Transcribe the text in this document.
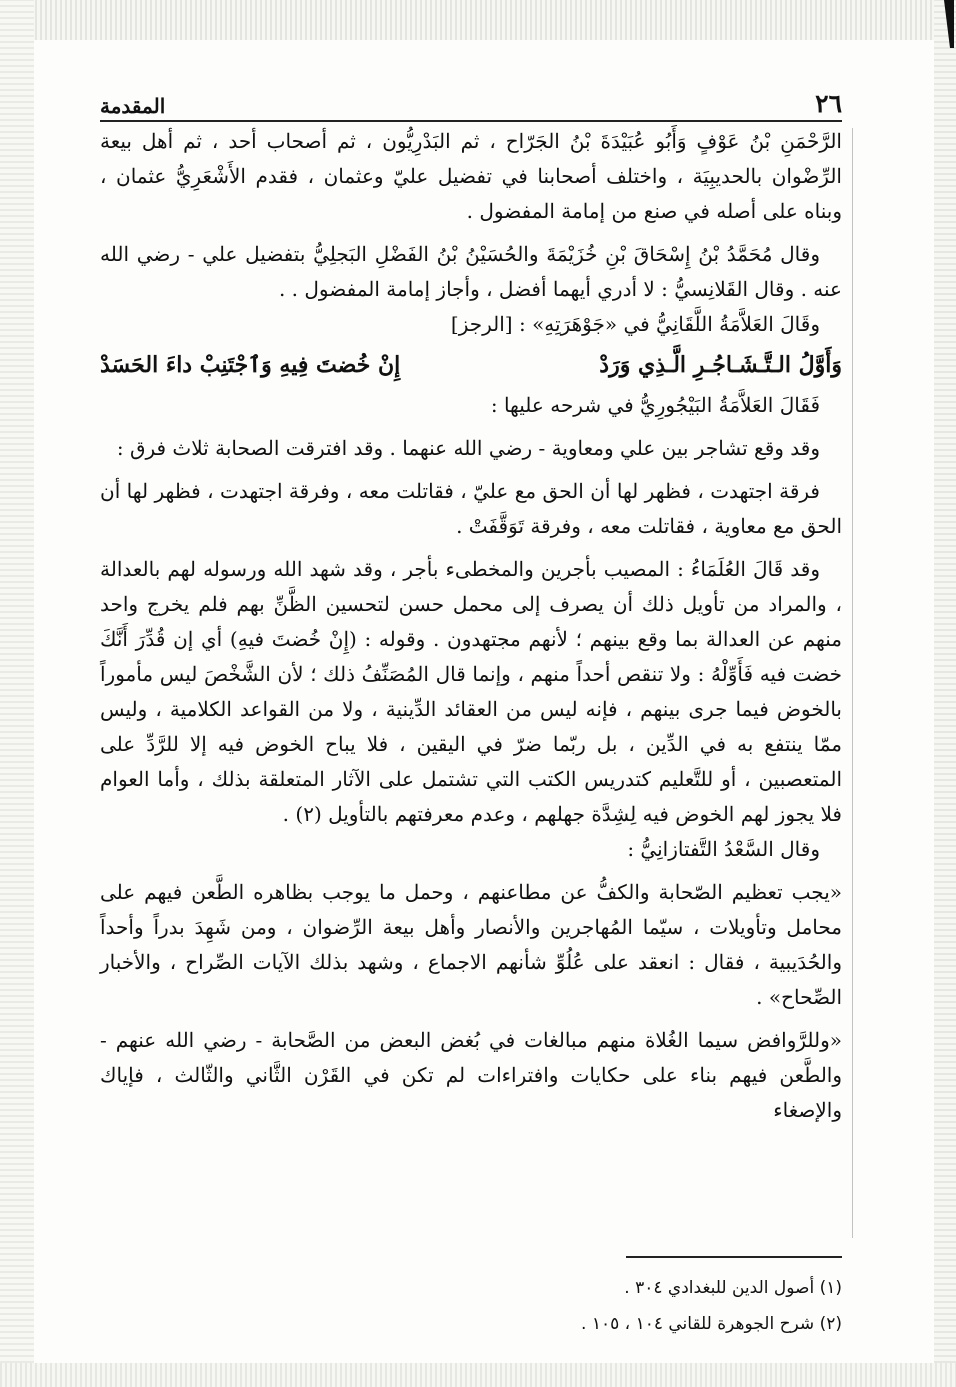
٢٦
المقدمة

الرَّحْمَنِ بْنُ عَوْفٍ وَأَبُو عُبَيْدَةَ بْنُ الجَرّاح ، ثم البَدْرِيُّون ، ثم أصحاب أحد ، ثم أهل بيعة الرِّضْوان بالحديبِيَة ، واختلف أصحابنا في تفضيل عليّ وعثمان ، فقدم الأَشْعَرِيُّ عثمان ، وبناه على أصله في صنع من إمامة المفضول .

وقال مُحَمَّدُ بْنُ إِسْحَاقَ بْنِ خُزَيْمَةَ والحُسَيْنُ بْنُ الفَضْلِ البَجلِيُّ بتفضيل علي - رضي الله عنه . وقال القَلانِسيُّ : لا أدري أيهما أفضل ، وأجاز إمامة المفضول . .

وقَالَ العَلاَّمَةُ اللَّقَانِيُّ في «جَوْهَرَتِهِ» : [الرجز]

وَأَوَّلُ الـتَّـشَـاجُـرِ الَّـذِي وَرَدْ
إِنْ خُضتَ فِيهِ وَٱجْتَنِبْ داءَ الحَسَدْ

فَقَالَ العَلاَّمَةُ البَيْجُورِيُّ في شرحه عليها :

وقد وقع تشاجر بين علي ومعاوية - رضي الله عنهما . وقد افترقت الصحابة ثلاث فرق :

فرقة اجتهدت ، فظهر لها أن الحق مع عليّ ، فقاتلت معه ، وفرقة اجتهدت ، فظهر لها أن الحق مع معاوية ، فقاتلت معه ، وفرقة تَوَقَّفَتْ .

وقد قَالَ العُلَمَاءُ : المصيب بأجرين والمخطىء بأجر ، وقد شهد الله ورسوله لهم بالعدالة ، والمراد من تأويل ذلك أن يصرف إلى محمل حسن لتحسين الظَّنِّ بهم فلم يخرج واحد منهم عن العدالة بما وقع بينهم ؛ لأنهم مجتهدون . وقوله : (إِنْ خُضتَ فيهِ) أي إن قُدِّرَ أَنَّكَ خضت فيه فَأَوِّلْهُ : ولا تنقص أحداً منهم ، وإنما قال المُصَنِّفُ ذلك ؛ لأن الشَّخْصَ ليس مأموراً بالخوض فيما جرى بينهم ، فإنه ليس من العقائد الدِّينية ، ولا من القواعد الكلامية ، وليس ممّا ينتفع به في الدِّين ، بل ربّما ضرّ في اليقين ، فلا يباح الخوض فيه إلا للرَّدِّ على المتعصبين ، أو للتَّعليم كتدريس الكتب التي تشتمل على الآثار المتعلقة بذلك ، وأما العوام فلا يجوز لهم الخوض فيه لِشِدَّة جهلهم ، وعدم معرفتهم بالتأويل (٢) .

وقال السَّعْدُ التَّفتازانِيُّ :

«يجب تعظيم الصّحابة والكفُّ عن مطاعنهم ، وحمل ما يوجب بظاهره الطَّعن فيهم على محامل وتأويلات ، سيّما المُهاجرين والأنصار وأهل بيعة الرِّضوان ، ومن شَهِدَ بدراً وأحداً والحُدَيبية ، فقال : انعقد على عُلُوِّ شأنهم الاجماع ، وشهد بذلك الآيات الصِّراح ، والأخبار الصِّحاح» .

«وللرَّوافض سيما الغُلاة منهم مبالغات في بُغض البعض من الصَّحابة - رضي الله عنهم - والطَّعن فيهم بناء على حكايات وافتراءات لم تكن في القَرْن الثَّاني والثّالث ، فإياك والإصغاء

(١) أصول الدين للبغدادي ٣٠٤ .

(٢) شرح الجوهرة للقاني ١٠٤ ، ١٠٥ .
